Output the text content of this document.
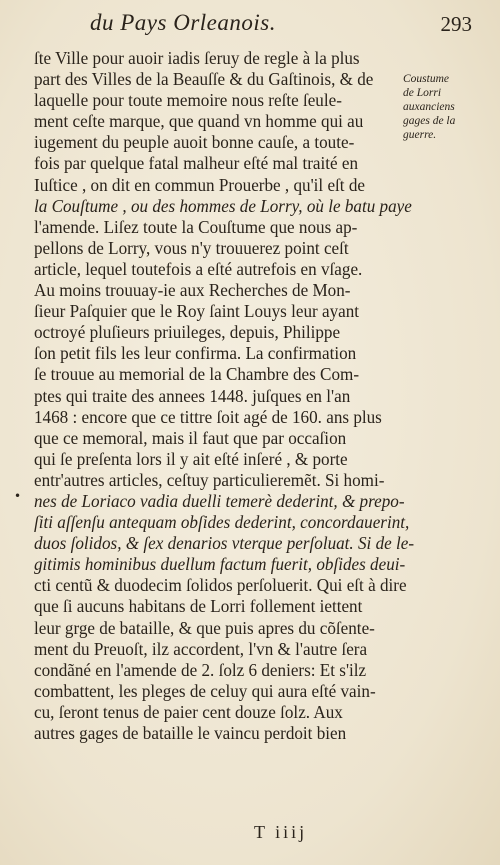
du Pays Orleanois.	293
ſte Ville pour auoir iadis ſeruy de regle à la plus
part des Villes de la Beauſſe & du Gaſtinois, & de
laquelle pour toute memoire nous reſte ſeule-
ment ceſte marque, que quand vn homme qui au
iugement du peuple auoit bonne cauſe, a toute-
fois par quelque fatal malheur eſté mal traité en
Iuſtice , on dit en commun Prouerbe , qu'il eſt de
la Couſtume , ou des hommes de Lorry, où le batu paye
l'amende. Liſez toute la Couſtume que nous ap-
pellons de Lorry, vous n'y trouuerez point ceſt
article, lequel toutefois a eſté autrefois en vſage.
Au moins trouuay-ie aux Recherches de Mon-
ſieur Paſquier que le Roy ſaint Louys leur ayant
octroyé pluſieurs priuileges, depuis, Philippe
ſon petit fils les leur confirma. La confirmation
ſe trouue au memorial de la Chambre des Com-
ptes qui traite des annees 1448. juſques en l'an
1468 : encore que ce tittre ſoit agé de 160. ans plus
que ce memoral, mais il faut que par occaſion
qui ſe preſenta lors il y ait eſté inſeré , & porte
entr'autres articles, ceſtuy particulieremẽt. Si homi-
nes de Loriaco vadia duelli temerè dederint, & prepo-
ſiti aſſenſu antequam obſides dederint, concordauerint,
duos ſolidos, & ſex denarios vterque perſoluat. Si de le-
gitimis hominibus duellum factum fuerit, obſides deui-
cti centũ & duodecim ſolidos perſoluerit. Qui eſt à dire
que ſi aucuns habitans de Lorri follement iettent
leur grge de bataille, & que puis apres du cõſente-
ment du Preuoſt, ilz accordent, l'vn & l'autre ſera
condãné en l'amende de 2. ſolz 6 deniers: Et s'ilz
combattent, les pleges de celuy qui aura eſté vain-
cu, ſeront tenus de paier cent douze ſolz. Aux
autres gages de bataille le vaincu perdoit bien
Coustume
de Lorri
auxanciens
gages de la
guerre.
•
T iiij
